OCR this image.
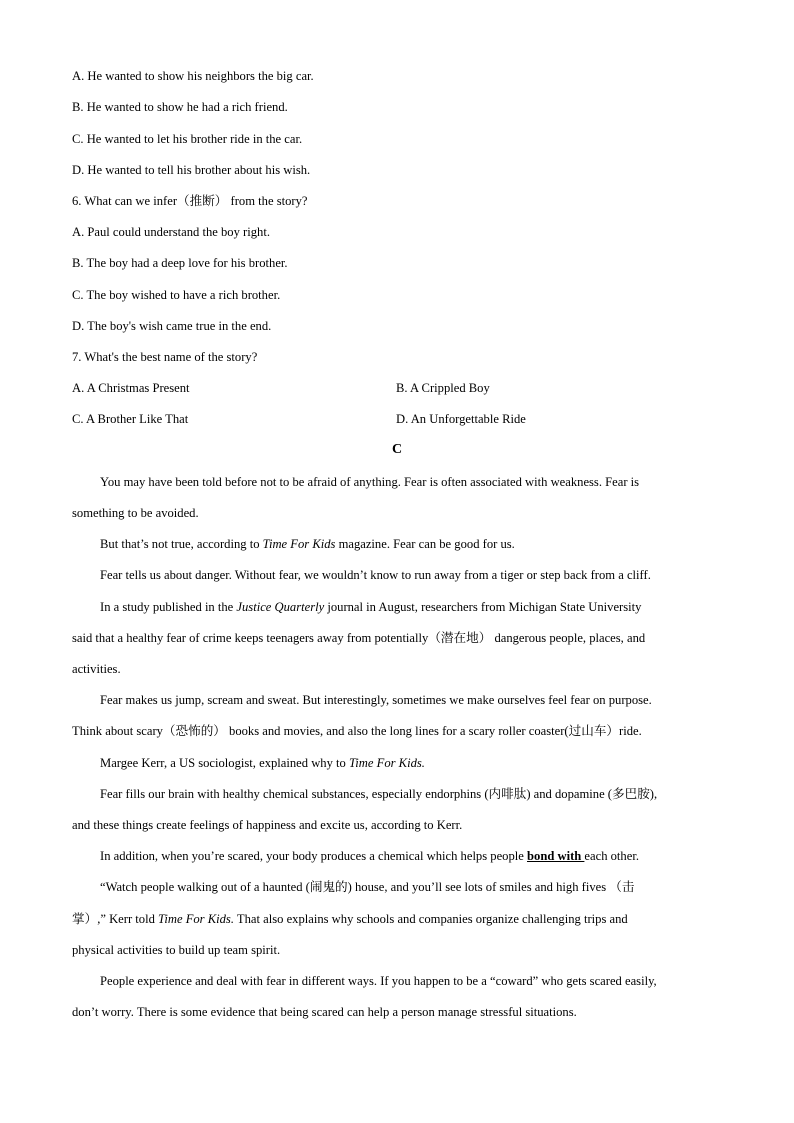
A. He wanted to show his neighbors the big car.
B. He wanted to show he had a rich friend.
C. He wanted to let his brother ride in the car.
D. He wanted to tell his brother about his wish.
6. What can we infer（推断） from the story?
A. Paul could understand the boy right.
B. The boy had a deep love for his brother.
C. The boy wished to have a rich brother.
D. The boy's wish came true in the end.
7. What's the best name of the story?
A. A Christmas Present	B. A Crippled Boy
C. A Brother Like That	D. An Unforgettable Ride
C
You may have been told before not to be afraid of anything. Fear is often associated with weakness. Fear is
something to be avoided.
But that’s not true, according to Time For Kids magazine. Fear can be good for us.
Fear tells us about danger. Without fear, we wouldn’t know to run away from a tiger or step back from a cliff.
In a study published in the Justice Quarterly journal in August, researchers from Michigan State University
said that a healthy fear of crime keeps teenagers away from potentially（潜在地） dangerous people, places, and
activities.
Fear makes us jump, scream and sweat. But interestingly, sometimes we make ourselves feel fear on purpose.
Think about scary（恐怖的） books and movies, and also the long lines for a scary roller coaster(过山车）ride.
Margee Kerr, a US sociologist, explained why to Time For Kids.
Fear fills our brain with healthy chemical substances, especially endorphins (内啡肽) and dopamine (多巴胺),
and these things create feelings of happiness and excite us, according to Kerr.
In addition, when you’re scared, your body produces a chemical which helps people bond with each other.
“Watch people walking out of a haunted (闹鬼的) house, and you’ll see lots of smiles and high fives （击
掌）,” Kerr told Time For Kids. That also explains why schools and companies organize challenging trips and
physical activities to build up team spirit.
People experience and deal with fear in different ways. If you happen to be a “coward” who gets scared easily,
don’t worry. There is some evidence that being scared can help a person manage stressful situations.
